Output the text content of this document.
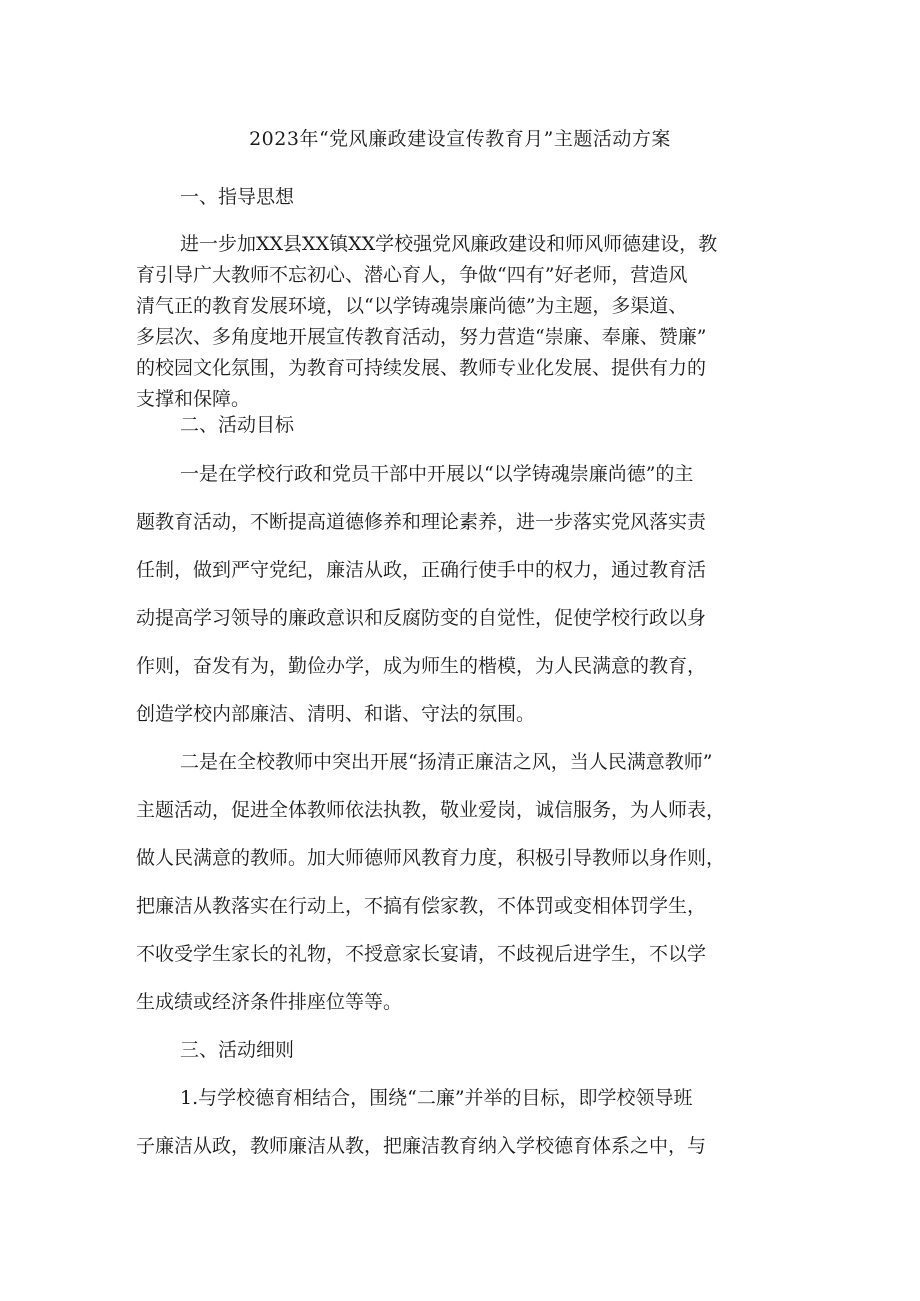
2023年“党风廉政建设宣传教育月”主题活动方案
一、指导思想
进一步加XX县XX镇XX学校强党风廉政建设和师风师德建设，教
育引导广大教师不忘初心、潜心育人，争做“四有”好老师，营造风
清气正的教育发展环境，以“以学铸魂崇廉尚德”为主题，多渠道、
多层次、多角度地开展宣传教育活动，努力营造“崇廉、奉廉、赞廉”
的校园文化氛围，为教育可持续发展、教师专业化发展、提供有力的
支撑和保障。
二、活动目标
一是在学校行政和党员干部中开展以“以学铸魂崇廉尚德”的主
题教育活动，不断提高道德修养和理论素养，进一步落实党风落实责
任制，做到严守党纪，廉洁从政，正确行使手中的权力，通过教育活
动提高学习领导的廉政意识和反腐防变的自觉性，促使学校行政以身
作则，奋发有为，勤俭办学，成为师生的楷模，为人民满意的教育，
创造学校内部廉洁、清明、和谐、守法的氛围。
二是在全校教师中突出开展“扬清正廉洁之风，当人民满意教师”
主题活动，促进全体教师依法执教，敬业爱岗，诚信服务，为人师表，
做人民满意的教师。加大师德师风教育力度，积极引导教师以身作则，
把廉洁从教落实在行动上，不搞有偿家教，不体罚或变相体罚学生，
不收受学生家长的礼物，不授意家长宴请，不歧视后进学生，不以学
生成绩或经济条件排座位等等。
三、活动细则
1.与学校德育相结合，围绕“二廉”并举的目标，即学校领导班
子廉洁从政，教师廉洁从教，把廉洁教育纳入学校德育体系之中，与
